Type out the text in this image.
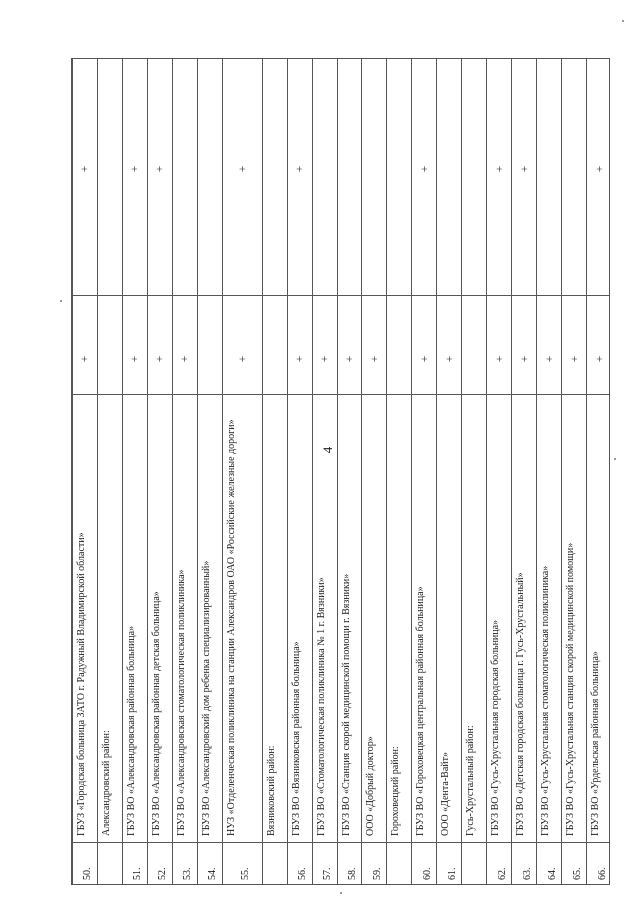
4
50.
ГБУЗ «Городская больница ЗАТО г. Радужный Владимирской области»
+
+
Александровский район:
51.
ГБУЗ ВО «Александровская районная больница»
+
+
52.
ГБУЗ ВО «Александровская районная детская больница»
+
+
53.
ГБУЗ ВО «Александровская стоматологическая поликлиника»
+
54.
ГБУЗ ВО «Александровский дом ребенка специализированный»
55.
НУЗ «Отделенческая поликлиника на станции Александров ОАО «Российские железные дороги»
+
+
Вязниковский район:
56.
ГБУЗ ВО «Вязниковская районная больница»
+
+
57.
ГБУЗ ВО «Стоматологическая поликлиника № 1 г. Вязники»
+
58.
ГБУЗ ВО «Станция скорой медицинской помощи г. Вязники»
+
59.
ООО «Добрый доктор»
+
Гороховецкий район:
60.
ГБУЗ ВО «Гороховецкая центральная районная больница»
+
+
61.
ООО «Дента-Вайт»
+
Гусь-Хрустальный район:
62.
ГБУЗ ВО «Гусь-Хрустальная городская больница»
+
+
63.
ГБУЗ ВО «Детская городская больница г. Гусь-Хрустальный»
+
+
64.
ГБУЗ ВО «Гусь-Хрустальная стоматологическая поликлиника»
+
65.
ГБУЗ ВО «Гусь-Хрустальная станция скорой медицинской помощи»
+
66.
ГБУЗ ВО «Урдельская районная больница»
+
+
